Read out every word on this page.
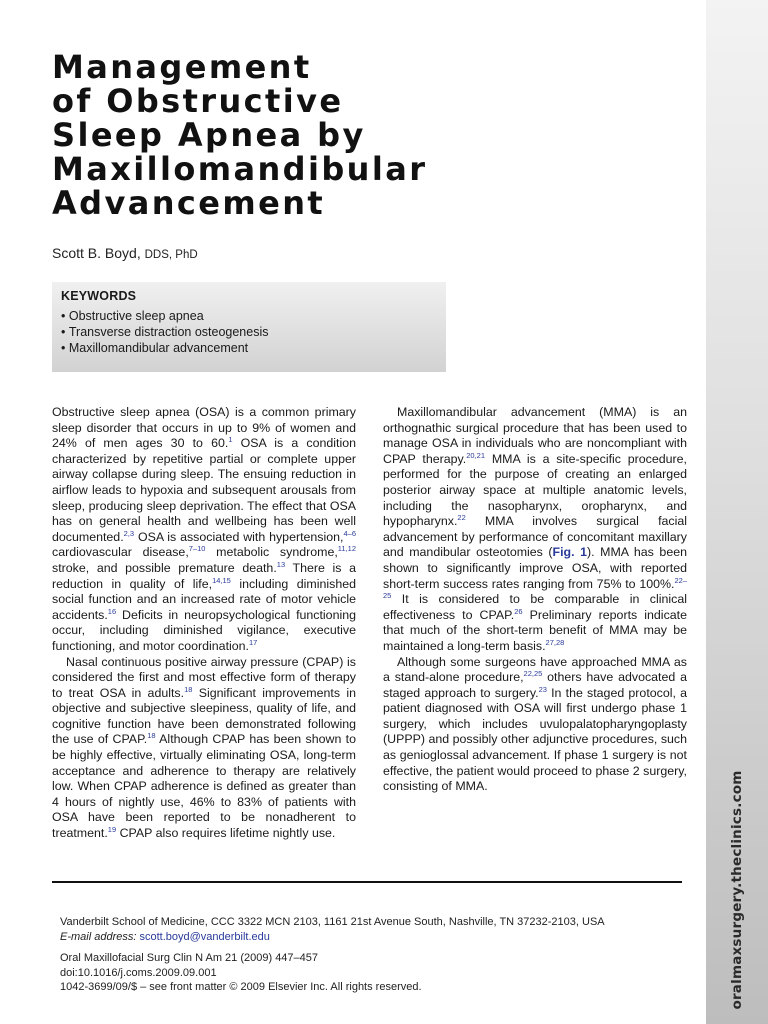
oralmaxsurgery.theclinics.com
Management
of Obstructive
Sleep Apnea by
Maxillomandibular
Advancement
Scott B. Boyd, DDS, PhD
KEYWORDS
• Obstructive sleep apnea
• Transverse distraction osteogenesis
• Maxillomandibular advancement

Obstructive sleep apnea (OSA) is a common primary sleep disorder that occurs in up to 9% of women and 24% of men ages 30 to 60.$^1$ OSA is a condition characterized by repetitive partial or complete upper airway collapse during sleep. The ensuing reduction in airflow leads to hypoxia and subsequent arousals from sleep, producing sleep deprivation. The effect that OSA has on general health and wellbeing has been well documented.$^{2,3}$ OSA is associated with hypertension,$^{4-6}$ cardiovascular disease,$^{7-10}$ metabolic syndrome,$^{11,12}$ stroke, and possible premature death.$^{13}$ There is a reduction in quality of life,$^{14,15}$ including diminished social function and an increased rate of motor vehicle accidents.$^{16}$ Deficits in neuropsychological functioning occur, including diminished vigilance, executive functioning, and motor coordination.$^{17}$

Nasal continuous positive airway pressure (CPAP) is considered the first and most effective form of therapy to treat OSA in adults.$^{18}$ Significant improvements in objective and subjective sleepiness, quality of life, and cognitive function have been demonstrated following the use of CPAP.$^{18}$ Although CPAP has been shown to be highly effective, virtually eliminating OSA, long-term acceptance and adherence to therapy are relatively low. When CPAP adherence is defined as greater than 4 hours of nightly use, 46% to 83% of patients with OSA have been reported to be nonadherent to treatment.$^{19}$ CPAP also requires lifetime nightly use.

Maxillomandibular advancement (MMA) is an orthognathic surgical procedure that has been used to manage OSA in individuals who are noncompliant with CPAP therapy.$^{20,21}$ MMA is a site-specific procedure, performed for the purpose of creating an enlarged posterior airway space at multiple anatomic levels, including the nasopharynx, oropharynx, and hypopharynx.$^{22}$ MMA involves surgical facial advancement by performance of concomitant maxillary and mandibular osteotomies (Fig. 1). MMA has been shown to significantly improve OSA, with reported short-term success rates ranging from 75% to 100%.$^{22-25}$ It is considered to be comparable in clinical effectiveness to CPAP.$^{26}$ Preliminary reports indicate that much of the short-term benefit of MMA may be maintained a long-term basis.$^{27,28}$

Although some surgeons have approached MMA as a stand-alone procedure,$^{22,25}$ others have advocated a staged approach to surgery.$^{23}$ In the staged protocol, a patient diagnosed with OSA will first undergo phase 1 surgery, which includes uvulopalatopharyngoplasty (UPPP) and possibly other adjunctive procedures, such as genioglossal advancement. If phase 1 surgery is not effective, the patient would proceed to phase 2 surgery, consisting of MMA.

Vanderbilt School of Medicine, CCC 3322 MCN 2103, 1161 21st Avenue South, Nashville, TN 37232-2103, USA
E-mail address: scott.boyd@vanderbilt.edu
Oral Maxillofacial Surg Clin N Am 21 (2009) 447–457
doi:10.1016/j.coms.2009.09.001
1042-3699/09/$ – see front matter © 2009 Elsevier Inc. All rights reserved.
